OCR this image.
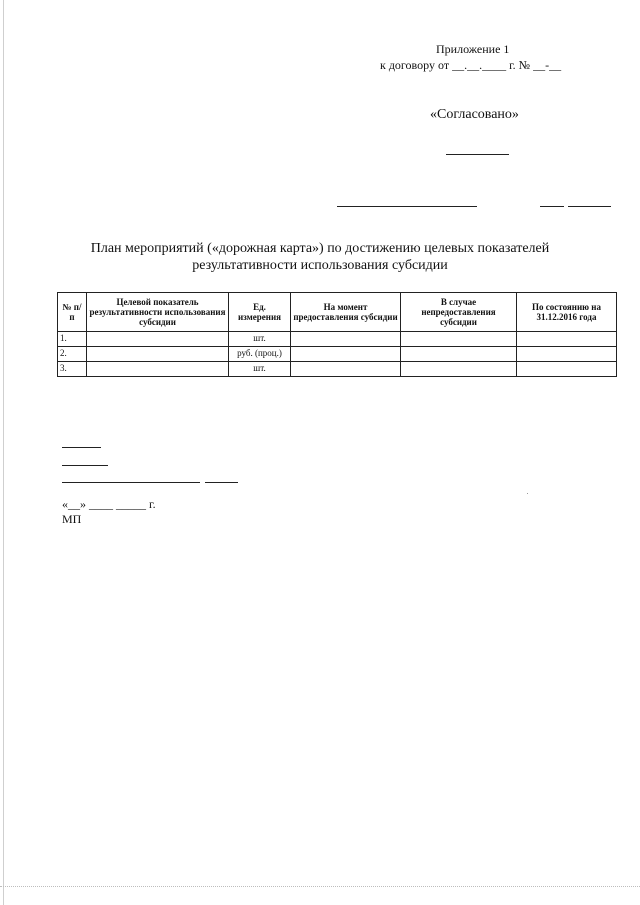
Приложение 1
к договору от __.__.____ г. № __-__
«Согласовано»
План мероприятий («дорожная карта») по достижению целевых показателей результативности использования субсидии
№ п/п	Целевой показатель результативности использования субсидии	Ед. измерения	На момент предоставления субсидии	В случае непредоставления субсидии	По состоянию на 31.12.2016 года
1.		шт.			
2.		руб. (проц.)			
3.		шт.			
«__» ____ _____ г.
МП
